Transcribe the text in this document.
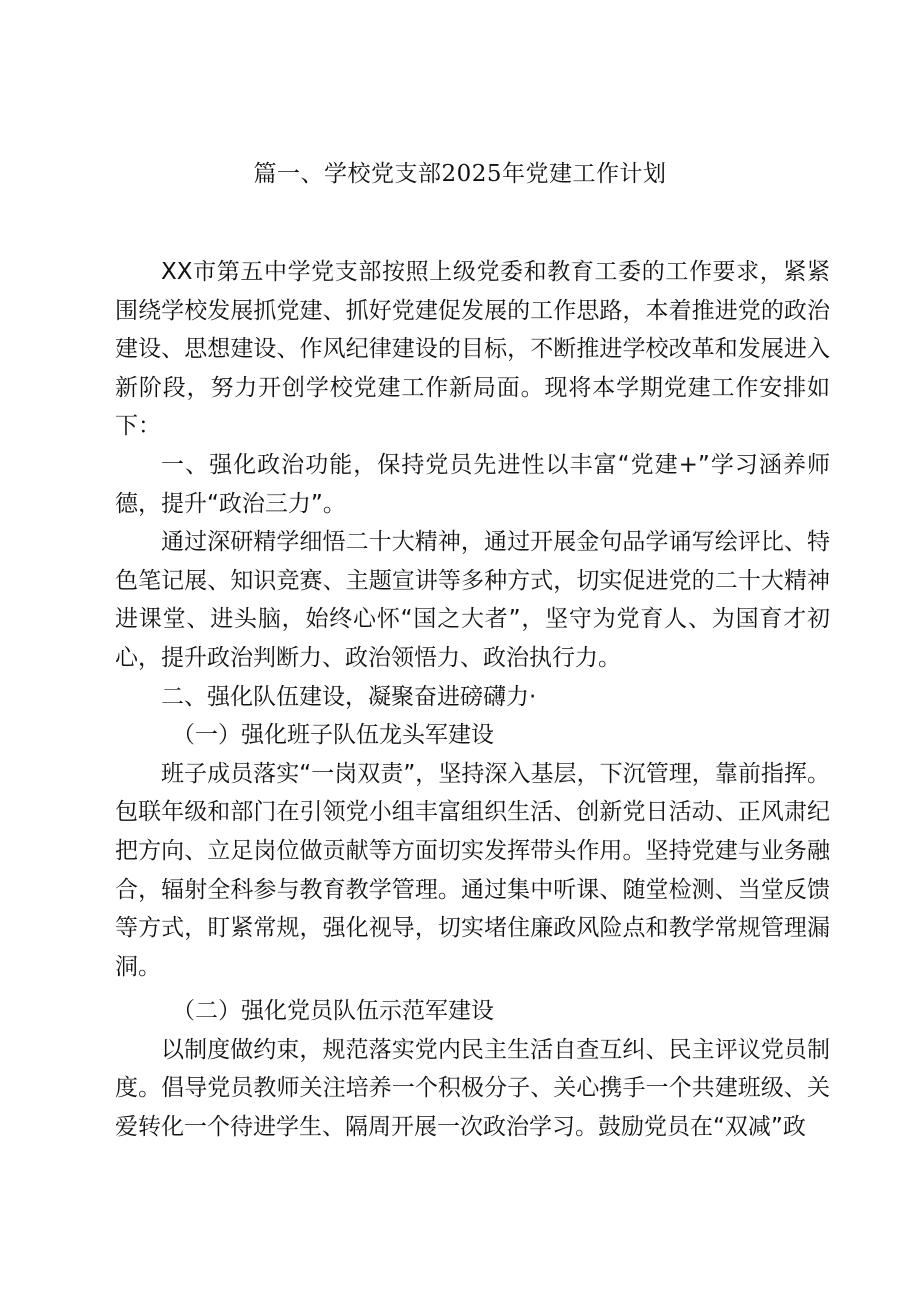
篇一、学校党支部2025年党建工作计划

XX市第五中学党支部按照上级党委和教育工委的工作要求，紧紧围绕学校发展抓党建、抓好党建促发展的工作思路，本着推进党的政治建设、思想建设、作风纪律建设的目标，不断推进学校改革和发展进入新阶段，努力开创学校党建工作新局面。现将本学期党建工作安排如下：

一、强化政治功能，保持党员先进性以丰富“党建+”学习涵养师德，提升“政治三力”。

通过深研精学细悟二十大精神，通过开展金句品学诵写绘评比、特色笔记展、知识竞赛、主题宣讲等多种方式，切实促进党的二十大精神进课堂、进头脑，始终心怀“国之大者”，坚守为党育人、为国育才初心，提升政治判断力、政治领悟力、政治执行力。

二、强化队伍建设，凝聚奋进磅礴力·

（一）强化班子队伍龙头军建设

班子成员落实“一岗双责”，坚持深入基层，下沉管理，靠前指挥。包联年级和部门在引领党小组丰富组织生活、创新党日活动、正风肃纪把方向、立足岗位做贡献等方面切实发挥带头作用。坚持党建与业务融合，辐射全科参与教育教学管理。通过集中听课、随堂检测、当堂反馈等方式，盯紧常规，强化视导，切实堵住廉政风险点和教学常规管理漏洞。

（二）强化党员队伍示范军建设

以制度做约束，规范落实党内民主生活自查互纠、民主评议党员制度。倡导党员教师关注培养一个积极分子、关心携手一个共建班级、关爱转化一个待进学生、隔周开展一次政治学习。鼓励党员在“双减”政
